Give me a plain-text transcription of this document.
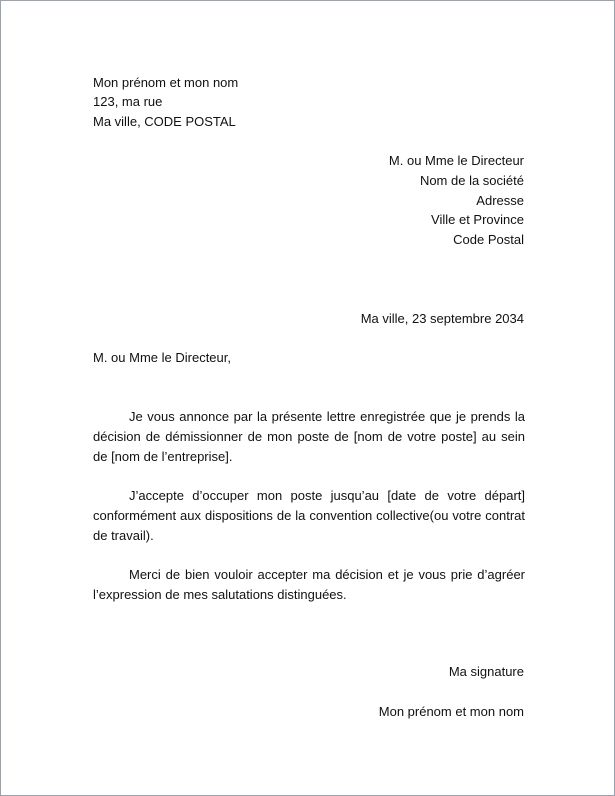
Mon prénom et mon nom
123, ma rue
Ma ville, CODE POSTAL
M. ou Mme le Directeur
Nom de la société
Adresse
Ville et Province
Code Postal
Ma ville, 23 septembre 2034
M. ou Mme le Directeur,
Je vous annonce par la présente lettre enregistrée que je prends la décision de démissionner de mon poste de [nom de votre poste] au sein de [nom de l’entreprise].
J’accepte d’occuper mon poste jusqu’au [date de votre départ] conformément aux dispositions de la convention collective(ou votre contrat de travail).
Merci de bien vouloir accepter ma décision et je vous prie d’agréer l’expression de mes salutations distinguées.
Ma signature
Mon prénom et mon nom
